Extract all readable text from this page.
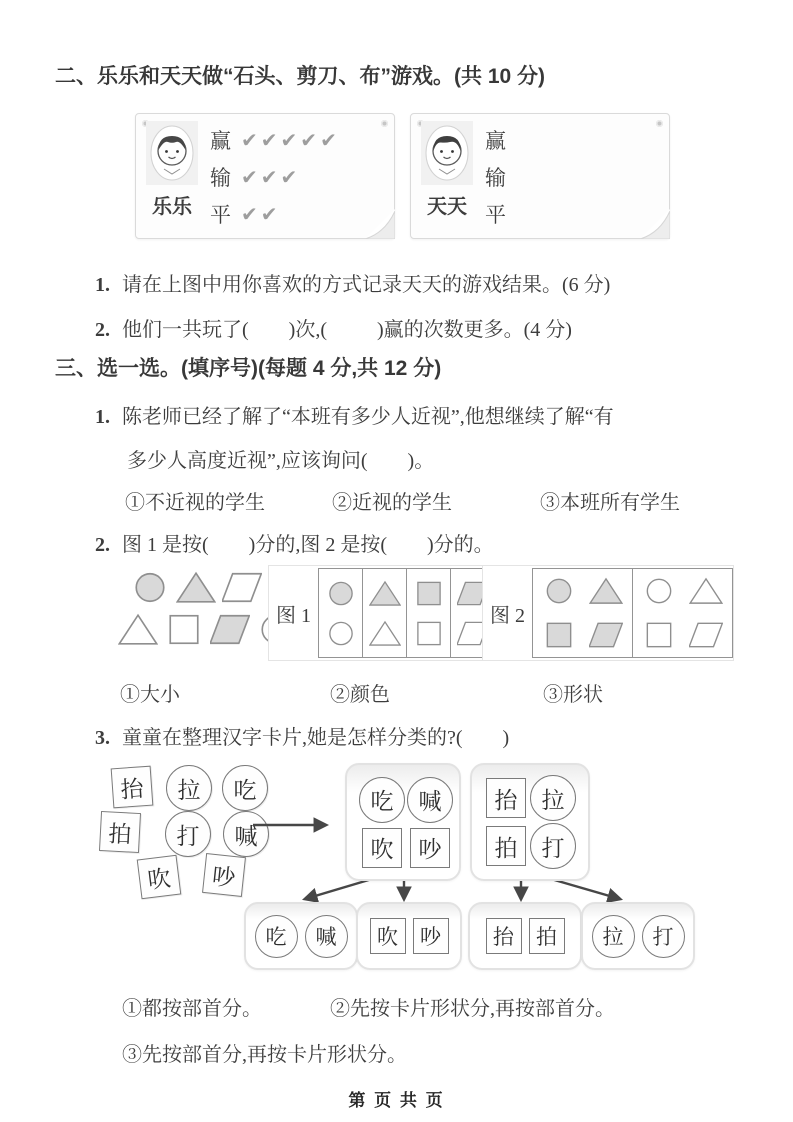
二、乐乐和天天做“石头、剪刀、布”游戏。(共 10 分)
乐乐
赢 ✔ ✔ ✔ ✔ ✔
输 ✔ ✔ ✔
平 ✔ ✔	天天
赢
输
平
1. 请在上图中用你喜欢的方式记录天天的游戏结果。(6 分)
2. 他们一共玩了(        )次,(          )赢的次数更多。(4 分)
三、选一选。(填序号)(每题 4 分,共 12 分)
1. 陈老师已经了解了“本班有多少人近视”,他想继续了解“有
多少人高度近视”,应该询问(        )。
①不近视的学生	②近视的学生	③本班所有学生
2. 图 1 是按(        )分的,图 2 是按(        )分的。
图 1	图 2
①大小	②颜色	③形状
3. 童童在整理汉字卡片,她是怎样分类的?(        )
抬	拉	吃
拍	打	喊
吹	吵
吃	喊
吹	吵
抬	拉
拍	打
吃	喊	吹	吵	抬	拍	拉	打
①都按部首分。	②先按卡片形状分,再按部首分。
③先按部首分,再按卡片形状分。
第 页 共 页
